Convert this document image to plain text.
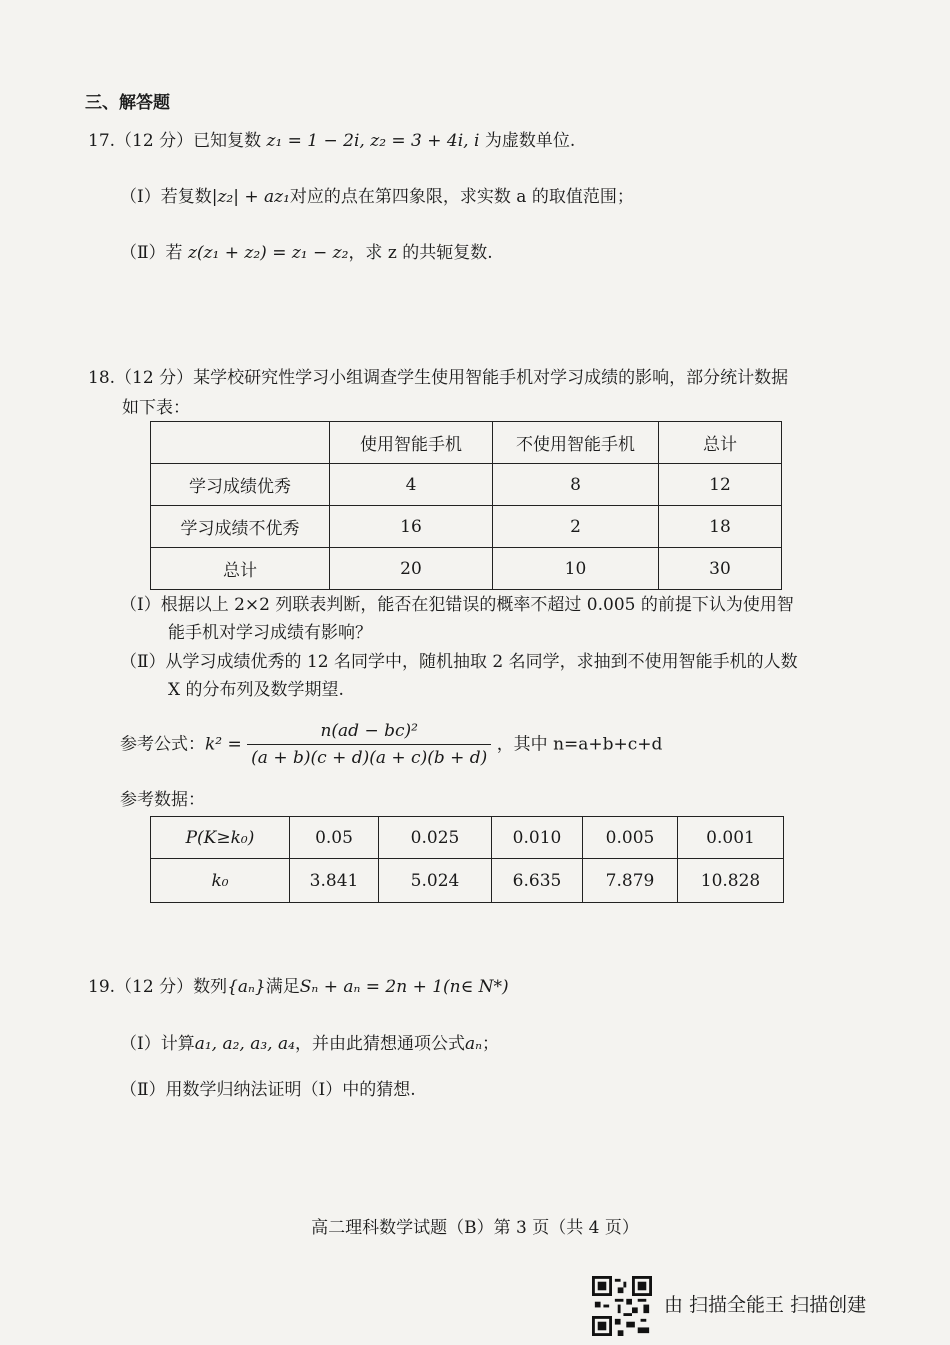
三、解答题
17.（12 分）已知复数 z₁ = 1 − 2i, z₂ = 3 + 4i, i 为虚数单位.
（Ⅰ）若复数|z₂| + az₁对应的点在第四象限，求实数 a 的取值范围；
（Ⅱ）若 z(z₁ + z₂) = z₁ − z₂，求 z 的共轭复数.
18.（12 分）某学校研究性学习小组调查学生使用智能手机对学习成绩的影响，部分统计数据
如下表：
	使用智能手机	不使用智能手机	总计
学习成绩优秀	4	8	12
学习成绩不优秀	16	2	18
总计	20	10	30
（Ⅰ）根据以上 2×2 列联表判断，能否在犯错误的概率不超过 0.005 的前提下认为使用智
能手机对学习成绩有影响？
（Ⅱ）从学习成绩优秀的 12 名同学中，随机抽取 2 名同学，求抽到不使用智能手机的人数
X 的分布列及数学期望.
参考公式：$k^2 = \frac{\text{n(ad − bc)²}}{(a + b)(c + d)(a + c)(b + d)}$ ，其中 n=a+b+c+d
参考数据：
P(K≥k₀)	0.05	0.025	0.010	0.005	0.001
k₀	3.841	5.024	6.635	7.879	10.828
19.（12 分）数列{aₙ}满足Sₙ + aₙ = 2n + 1(n∈ N*)
（Ⅰ）计算a₁, a₂, a₃, a₄，并由此猜想通项公式aₙ；
（Ⅱ）用数学归纳法证明（Ⅰ）中的猜想.
高二理科数学试题（B）第 3 页（共 4 页）
由 扫描全能王 扫描创建
